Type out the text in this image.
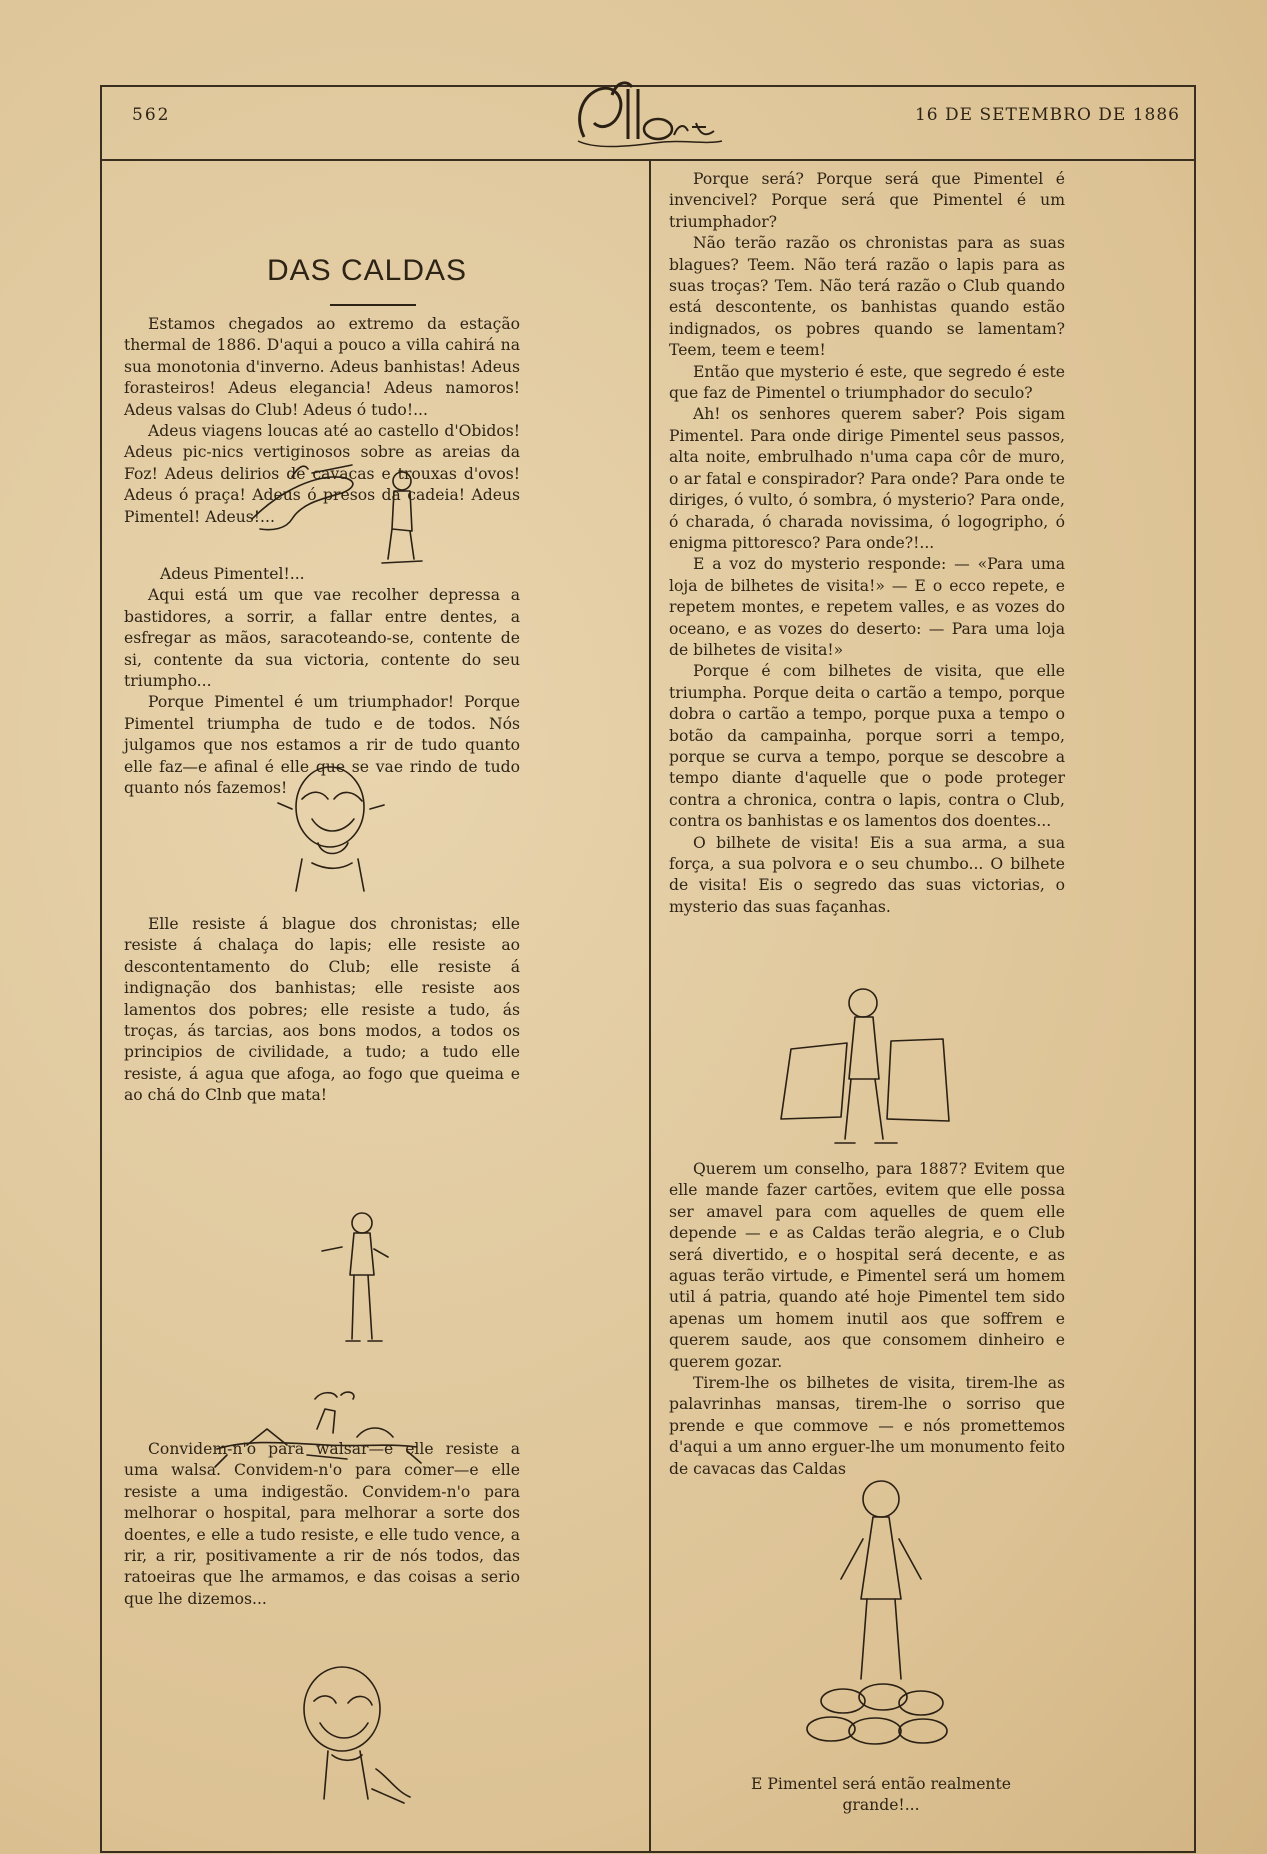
562	16 DE SETEMBRO DE 1886
DAS CALDAS

Estamos chegados ao extremo da estação thermal de 1886. D'aqui a pouco a villa cahirá na sua monotonia d'inverno. Adeus banhistas! Adeus forasteiros! Adeus elegancia! Adeus namoros! Adeus valsas do Club! Adeus ó tudo!...

Adeus viagens loucas até ao castello d'Obidos! Adeus pic-nics vertiginosos sobre as areias da Foz! Adeus delirios de cavacas e trouxas d'ovos! Adeus ó praça! Adeus ó presos da cadeia! Adeus Pimentel! Adeus!...

Adeus Pimentel!...

Aqui está um que vae recolher depressa a bastidores, a sorrir, a fallar entre dentes, a esfregar as mãos, saracoteando-se, contente de si, contente da sua victoria, contente do seu triumpho...

Porque Pimentel é um triumphador! Porque Pimentel triumpha de tudo e de todos. Nós julgamos que nos estamos a rir de tudo quanto elle faz—e afinal é elle que se vae rindo de tudo quanto nós fazemos!

Elle resiste á blague dos chronistas; elle resiste á chalaça do lapis; elle resiste ao descontentamento do Club; elle resiste á indignação dos banhistas; elle resiste aos lamentos dos pobres; elle resiste a tudo, ás troças, ás tarcias, aos bons modos, a todos os principios de civilidade, a tudo; a tudo elle resiste, á agua que afoga, ao fogo que queima e ao chá do Clnb que mata!

Convidem-n'o para walsar—e elle resiste a uma walsa. Convidem-n'o para comer—e elle resiste a uma indigestão. Convidem-n'o para melhorar o hospital, para melhorar a sorte dos doentes, e elle a tudo resiste, e elle tudo vence, a rir, a rir, positivamente a rir de nós todos, das ratoeiras que lhe armamos, e das coisas a serio que lhe dizemos...

Porque será? Porque será que Pimentel é invencivel? Porque será que Pimentel é um triumphador?

Não terão razão os chronistas para as suas blagues? Teem. Não terá razão o lapis para as suas troças? Tem. Não terá razão o Club quando está descontente, os banhistas quando estão indignados, os pobres quando se lamentam? Teem, teem e teem!

Então que mysterio é este, que segredo é este que faz de Pimentel o triumphador do seculo?

Ah! os senhores querem saber? Pois sigam Pimentel. Para onde dirige Pimentel seus passos, alta noite, embrulhado n'uma capa côr de muro, o ar fatal e conspirador? Para onde? Para onde te diriges, ó vulto, ó sombra, ó mysterio? Para onde, ó charada, ó charada novissima, ó logogripho, ó enigma pittoresco? Para onde?!...

E a voz do mysterio responde: — «Para uma loja de bilhetes de visita!» — E o ecco repete, e repetem montes, e repetem valles, e as vozes do oceano, e as vozes do deserto: — Para uma loja de bilhetes de visita!»

Porque é com bilhetes de visita, que elle triumpha. Porque deita o cartão a tempo, porque dobra o cartão a tempo, porque puxa a tempo o botão da campainha, porque sorri a tempo, porque se curva a tempo, porque se descobre a tempo diante d'aquelle que o pode proteger contra a chronica, contra o lapis, contra o Club, contra os banhistas e os lamentos dos doentes...

O bilhete de visita! Eis a sua arma, a sua força, a sua polvora e o seu chumbo... O bilhete de visita! Eis o segredo das suas victorias, o mysterio das suas façanhas.

Querem um conselho, para 1887? Evitem que elle mande fazer cartões, evitem que elle possa ser amavel para com aquelles de quem elle depende — e as Caldas terão alegria, e o Club será divertido, e o hospital será decente, e as aguas terão virtude, e Pimentel será um homem util á patria, quando até hoje Pimentel tem sido apenas um homem inutil aos que soffrem e querem saude, aos que consomem dinheiro e querem gozar.

Tirem-lhe os bilhetes de visita, tirem-lhe as palavrinhas mansas, tirem-lhe o sorriso que prende e que commove — e nós promettemos d'aqui a um anno erguer-lhe um monumento feito de cavacas das Caldas

E Pimentel será então realmente grande!...
